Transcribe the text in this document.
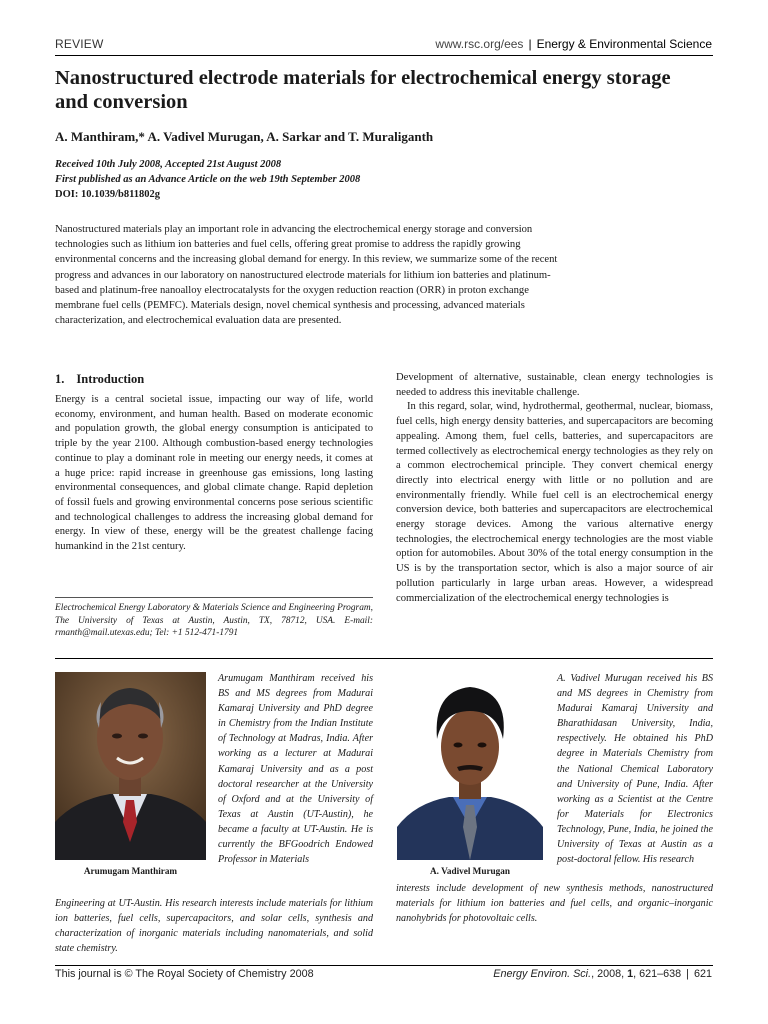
REVIEW	www.rsc.org/ees | Energy & Environmental Science
Nanostructured electrode materials for electrochemical energy storage and conversion
A. Manthiram,* A. Vadivel Murugan, A. Sarkar and T. Muraliganth
Received 10th July 2008, Accepted 21st August 2008
First published as an Advance Article on the web 19th September 2008
DOI: 10.1039/b811802g
Nanostructured materials play an important role in advancing the electrochemical energy storage and conversion technologies such as lithium ion batteries and fuel cells, offering great promise to address the rapidly growing environmental concerns and the increasing global demand for energy. In this review, we summarize some of the recent progress and advances in our laboratory on nanostructured electrode materials for lithium ion batteries and platinum-based and platinum-free nanoalloy electrocatalysts for the oxygen reduction reaction (ORR) in proton exchange membrane fuel cells (PEMFC). Materials design, novel chemical synthesis and processing, advanced materials characterization, and electrochemical evaluation data are presented.
1. Introduction

Energy is a central societal issue, impacting our way of life, world economy, environment, and human health. Based on moderate economic and population growth, the global energy consumption is anticipated to triple by the year 2100. Although combustion-based energy technologies continue to play a dominant role in meeting our energy needs, it comes at a huge price: rapid increase in greenhouse gas emissions, long lasting environmental consequences, and global climate change. Rapid depletion of fossil fuels and growing environmental concerns pose serious scientific and technological challenges to address the increasing global demand for energy. In view of these, energy will be the greatest challenge facing humankind in the 21st century.

Development of alternative, sustainable, clean energy technologies is needed to address this inevitable challenge.

In this regard, solar, wind, hydrothermal, geothermal, nuclear, biomass, fuel cells, high energy density batteries, and supercapacitors are becoming appealing. Among them, fuel cells, batteries, and supercapacitors are termed collectively as electrochemical energy technologies as they rely on a common electrochemical principle. They convert chemical energy directly into electrical energy with little or no pollution and are environmentally friendly. While fuel cell is an electrochemical energy conversion device, both batteries and supercapacitors are electrochemical energy storage devices. Among the various alternative energy technologies, the electrochemical energy technologies are the most viable option for automobiles. About 30% of the total energy consumption in the US is by the transportation sector, which is also a major source of air pollution particularly in large urban areas. However, a widespread commercialization of the electrochemical energy technologies is

Electrochemical Energy Laboratory & Materials Science and Engineering Program, The University of Texas at Austin, Austin, TX, 78712, USA. E-mail: rmanth@mail.utexas.edu; Tel: +1 512-471-1791
Arumugam Manthiram
Arumugam Manthiram received his BS and MS degrees from Madurai Kamaraj University and PhD degree in Chemistry from the Indian Institute of Technology at Madras, India. After working as a lecturer at Madurai Kamaraj University and as a post doctoral researcher at the University of Oxford and at the University of Texas at Austin (UT-Austin), he became a faculty at UT-Austin. He is currently the BFGoodrich Endowed Professor in Materials
Engineering at UT-Austin. His research interests include materials for lithium ion batteries, fuel cells, supercapacitors, and solar cells, synthesis and characterization of inorganic materials including nanomaterials, and solid state chemistry.
A. Vadivel Murugan
A. Vadivel Murugan received his BS and MS degrees in Chemistry from Madurai Kamaraj University and Bharathidasan University, India, respectively. He obtained his PhD degree in Materials Chemistry from the National Chemical Laboratory and University of Pune, India. After working as a Scientist at the Centre for Materials for Electronics Technology, Pune, India, he joined the University of Texas at Austin as a post-doctoral fellow. His research
interests include development of new synthesis methods, nanostructured materials for lithium ion batteries and fuel cells, and organic–inorganic nanohybrids for photovoltaic cells.
This journal is © The Royal Society of Chemistry 2008	Energy Environ. Sci., 2008, 1, 621–638 | 621
